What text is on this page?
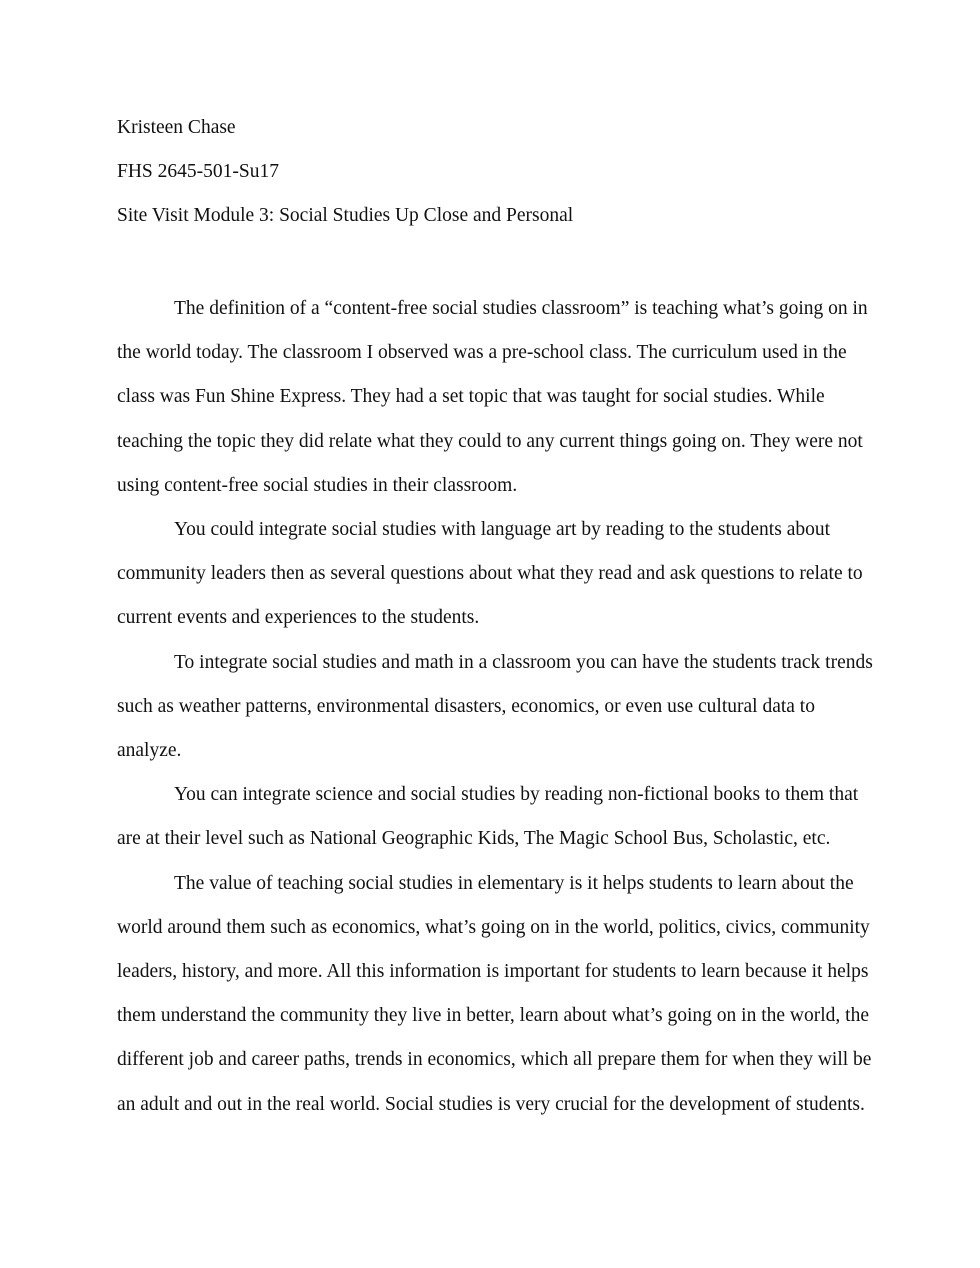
Kristeen Chase
FHS 2645-501-Su17
Site Visit Module 3: Social Studies Up Close and Personal

The definition of a “content-free social studies classroom” is teaching what’s going on in the world today. The classroom I observed was a pre-school class. The curriculum used in the class was Fun Shine Express. They had a set topic that was taught for social studies. While teaching the topic they did relate what they could to any current things going on. They were not using content-free social studies in their classroom.

You could integrate social studies with language art by reading to the students about community leaders then as several questions about what they read and ask questions to relate to current events and experiences to the students.

To integrate social studies and math in a classroom you can have the students track trends such as weather patterns, environmental disasters, economics, or even use cultural data to analyze.

You can integrate science and social studies by reading non-fictional books to them that are at their level such as National Geographic Kids, The Magic School Bus, Scholastic, etc.

The value of teaching social studies in elementary is it helps students to learn about the world around them such as economics, what’s going on in the world, politics, civics, community leaders, history, and more. All this information is important for students to learn because it helps them understand the community they live in better, learn about what’s going on in the world, the different job and career paths, trends in economics, which all prepare them for when they will be an adult and out in the real world. Social studies is very crucial for the development of students.
